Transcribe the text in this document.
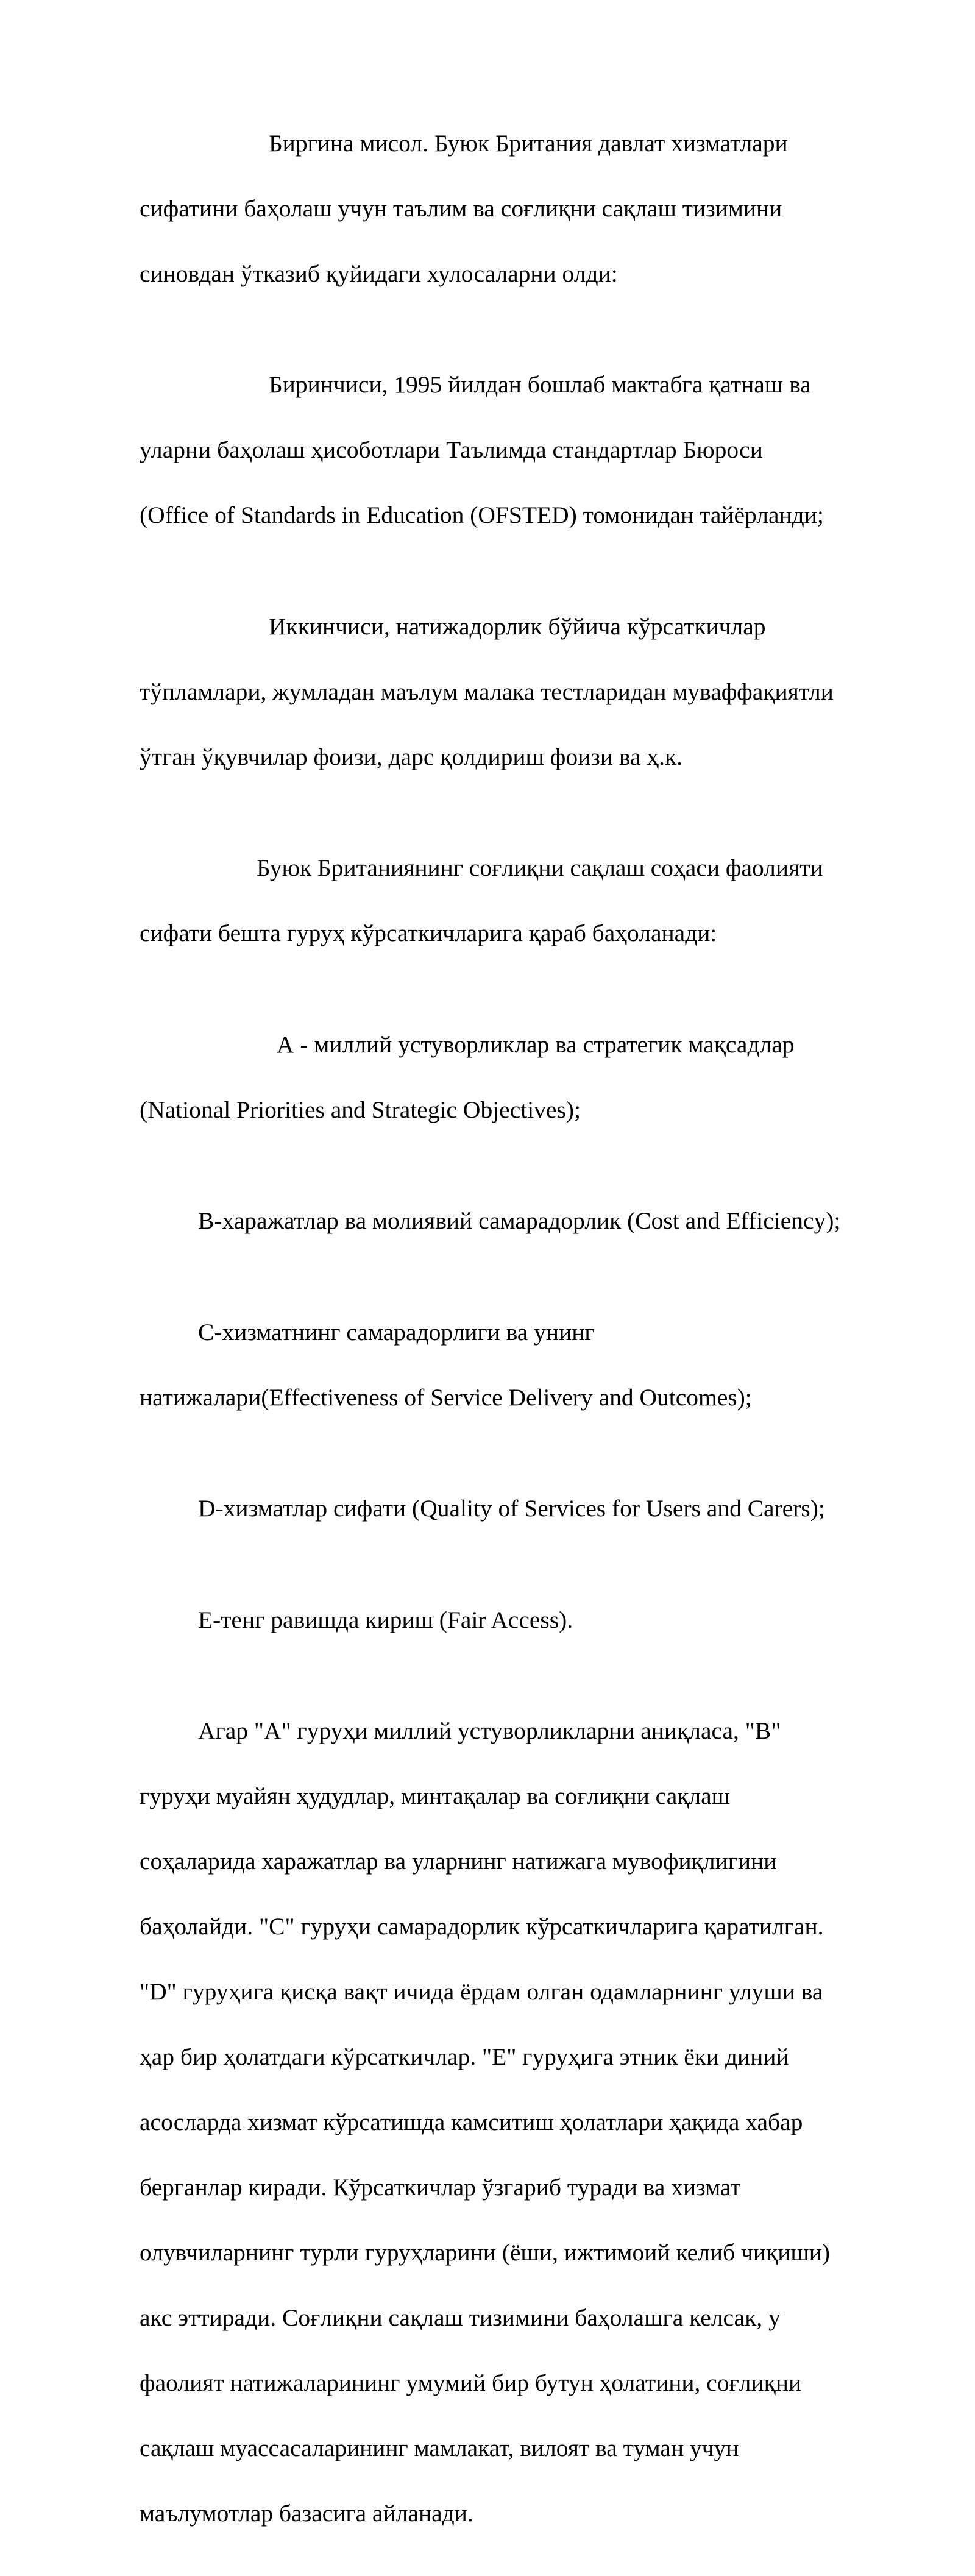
Биргина мисол. Буюк Британия давлат хизматлари

сифатини баҳолаш учун таълим ва соғлиқни сақлаш тизимини

синовдан ўтказиб қуйидаги хулосаларни олди:

Биринчиси, 1995 йилдан бошлаб мактабга қатнаш ва

уларни баҳолаш ҳисоботлари Таълимда стандартлар Бюроси

(Office of Standards in Education (OFSTED) томонидан тайёрланди;

Иккинчиси, натижадорлик бўйича кўрсаткичлар

тўпламлари, жумладан маълум малака тестларидан муваффақиятли

ўтган ўқувчилар фоизи, дарс қолдириш фоизи ва ҳ.к.

Буюк Британиянинг соғлиқни сақлаш соҳаси фаолияти

сифати бешта гуруҳ кўрсаткичларига қараб баҳоланади:

А - миллий устуворликлар ва стратегик мақсадлар

(National Priorities and Strategic Objectives);

B-харажатлар ва молиявий самарадорлик (Cost and Efficiency);

C-хизматнинг самарадорлиги ва унинг

натижалари(Effectiveness of Service Delivery and Outcomes);

D-хизматлар сифати (Quality of Services for Users and Carers);

E-тенг равишда кириш (Fair Access).

Агар "A" гуруҳи миллий устуворликларни аниқласа, "B"

гуруҳи муайян ҳудудлар, минтақалар ва соғлиқни сақлаш

соҳаларида харажатлар ва уларнинг натижага мувофиқлигини

баҳолайди. "C" гуруҳи самарадорлик кўрсаткичларига қаратилган.

"D" гуруҳига қисқа вақт ичида ёрдам олган одамларнинг улуши ва

ҳар бир ҳолатдаги кўрсаткичлар. "E" гуруҳига этник ёки диний

асосларда хизмат кўрсатишда камситиш ҳолатлари ҳақида хабар

берганлар киради. Кўрсаткичлар ўзгариб туради ва хизмат

олувчиларнинг турли гуруҳларини (ёши, ижтимоий келиб чиқиши)

акс эттиради. Соғлиқни сақлаш тизимини баҳолашга келсак, у

фаолият натижаларининг умумий бир бутун ҳолатини, соғлиқни

сақлаш муассасаларининг мамлакат, вилоят ва туман учун

маълумотлар базасига айланади.
